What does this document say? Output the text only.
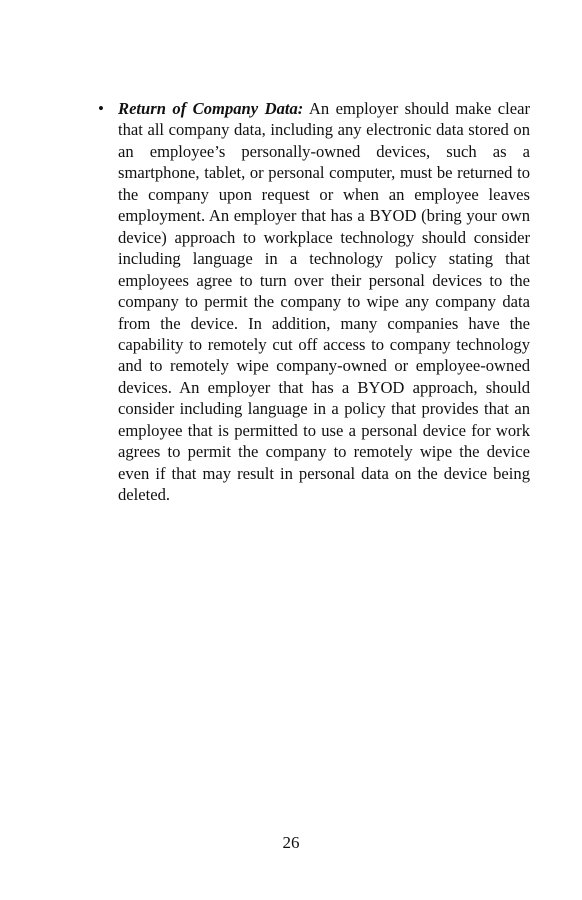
• Return of Company Data: An employer should make clear that all company data, including any electronic data stored on an employee’s personally-owned devices, such as a smartphone, tablet, or personal computer, must be returned to the company upon request or when an employee leaves employment. An employer that has a BYOD (bring your own device) approach to workplace technology should consider including language in a technology policy stating that employees agree to turn over their personal devices to the company to permit the company to wipe any company data from the device. In addition, many companies have the capability to remotely cut off access to company technology and to remotely wipe company-owned or employee-owned devices. An employer that has a BYOD approach, should consider including language in a policy that provides that an employee that is permitted to use a personal device for work agrees to permit the company to remotely wipe the device even if that may result in personal data on the device being deleted.

26
